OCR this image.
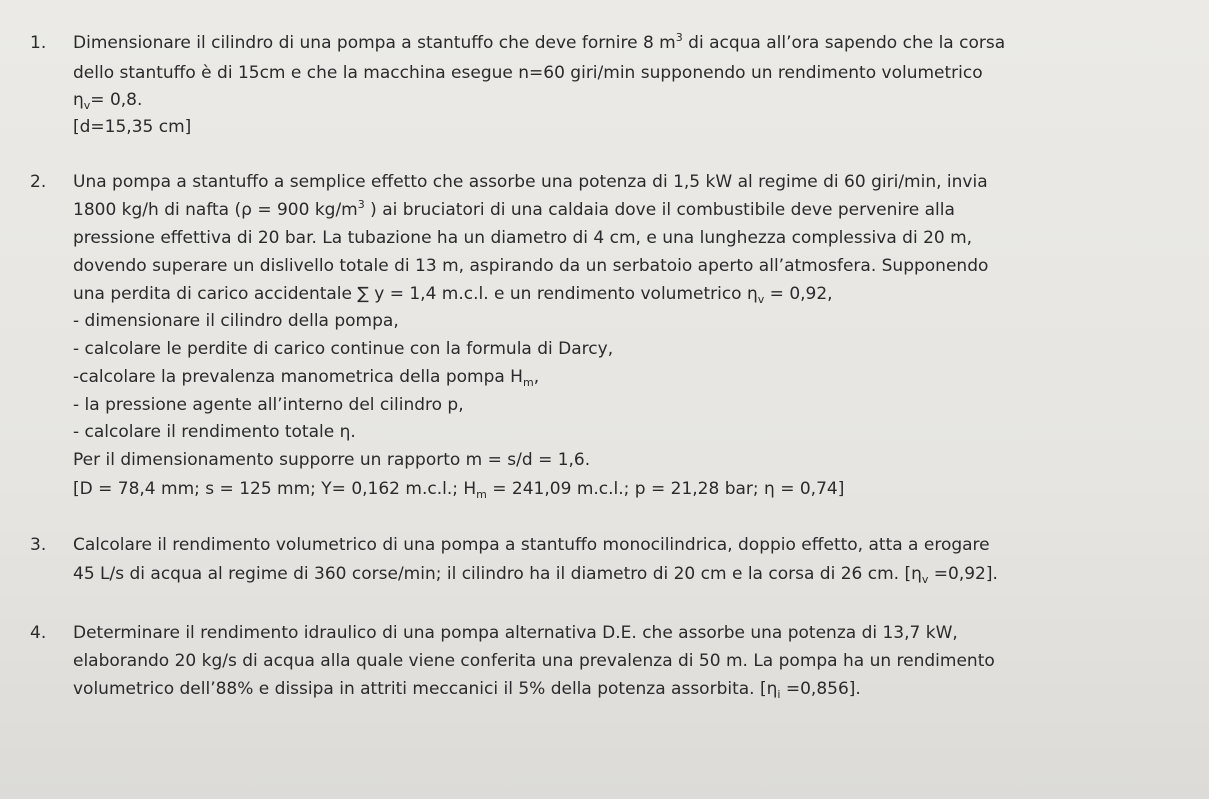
1. Dimensionare il cilindro di una pompa a stantuffo che deve fornire 8 $m^3$ di acqua all’ora sapendo che la corsa
dello stantuffo è di 15cm e che la macchina esegue n=60 giri/min supponendo un rendimento volumetrico
$\eta_v= 0,8$.
[d=15,35 cm]
2. Una pompa a stantuffo a semplice effetto che assorbe una potenza di 1,5 kW al regime di 60 giri/min, invia
1800 kg/h di nafta (ρ = 900 $kg/m^3$ ) ai bruciatori di una caldaia dove il combustibile deve pervenire alla
pressione effettiva di 20 bar. La tubazione ha un diametro di 4 cm, e una lunghezza complessiva di 20 m,
dovendo superare un dislivello totale di 13 m, aspirando da un serbatoio aperto all’atmosfera. Supponendo
una perdita di carico accidentale ∑ y = 1,4 m.c.l. e un rendimento volumetrico $\eta_v = 0,92$,
- dimensionare il cilindro della pompa,
- calcolare le perdite di carico continue con la formula di Darcy,
-calcolare la prevalenza manometrica della pompa $H_m$,
- la pressione agente all’interno del cilindro p,
- calcolare il rendimento totale η.
Per il dimensionamento supporre un rapporto m = s/d = 1,6.
[D = 78,4 mm; s = 125 mm; Y= 0,162 m.c.l.; $H_m = 241,09$ m.c.l.; p = 21,28 bar; η = 0,74]
3. Calcolare il rendimento volumetrico di una pompa a stantuffo monocilindrica, doppio effetto, atta a erogare
45 L/s di acqua al regime di 360 corse/min; il cilindro ha il diametro di 20 cm e la corsa di 26 cm. $[\eta_v =0,92]$.
4. Determinare il rendimento idraulico di una pompa alternativa D.E. che assorbe una potenza di 13,7 kW,
elaborando 20 kg/s di acqua alla quale viene conferita una prevalenza di 50 m. La pompa ha un rendimento
volumetrico dell’88% e dissipa in attriti meccanici il 5% della potenza assorbita. $[\eta_i =0,856]$.
